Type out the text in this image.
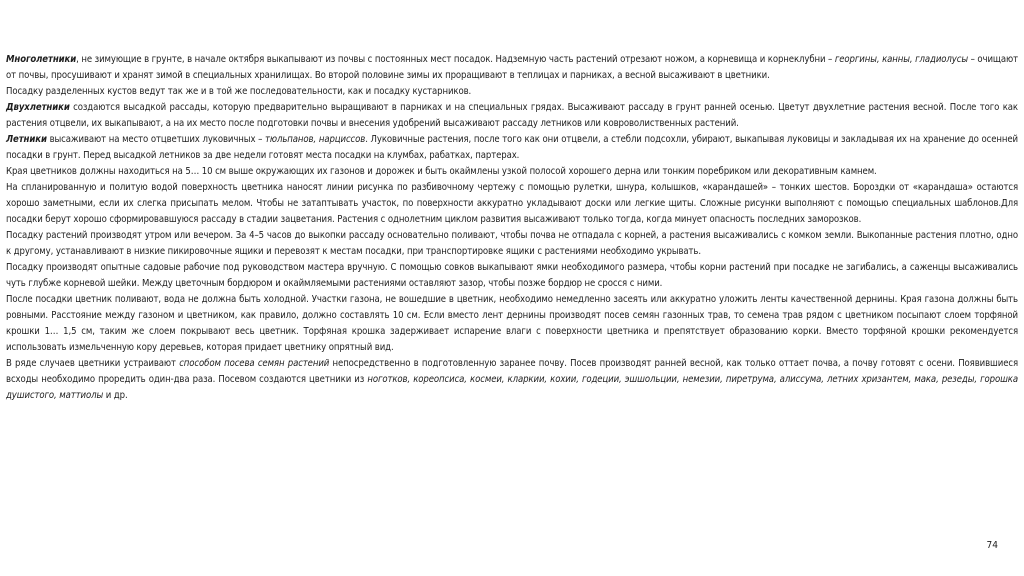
Многолетники, не зимующие в грунте, в начале октября выкапывают из почвы с постоянных мест посадок. Надземную часть растений отрезают ножом, а корневища и корнеклубни – георгины, канны, гладиолусы – очищают от почвы, просушивают и хранят зимой в специальных хранилищах. Во второй половине зимы их проращивают в теплицах и парниках, а весной высаживают в цветники.

Посадку разделенных кустов ведут так же и в той же последовательности, как и посадку кустарников.

Двухлетники создаются высадкой рассады, которую предварительно выращивают в парниках и на специальных грядах. Высаживают рассаду в грунт ранней осенью. Цветут двухлетние растения весной. После того как растения отцвели, их выкапывают, а на их место после подготовки почвы и внесения удобрений высаживают рассаду летников или ковроволиственных растений.

Летники высаживают на место отцветших луковичных – тюльпанов, нарциссов. Луковичные растения, после того как они отцвели, а стебли подсохли, убирают, выкапывая луковицы и закладывая их на хранение до осенней посадки в грунт. Перед высадкой летников за две недели готовят места посадки на клумбах, рабатках, партерах.

Края цветников должны находиться на 5… 10 см выше окружающих их газонов и дорожек и быть окаймлены узкой полосой хорошего дерна или тонким поребриком или декоративным камнем.

На спланированную и политую водой поверхность цветника наносят линии рисунка по разбивочному чертежу с помощью рулетки, шнура, колышков, «карандашей» – тонких шестов. Бороздки от «карандаша» остаются хорошо заметными, если их слегка присыпать мелом. Чтобы не затаптывать участок, по поверхности аккуратно укладывают доски или легкие щиты. Сложные рисунки выполняют с помощью специальных шаблонов.Для посадки берут хорошо сформировавшуюся рассаду в стадии зацветания. Растения с однолетним циклом развития высаживают только тогда, когда минует опасность последних заморозков.

Посадку растений производят утром или вечером. За 4–5 часов до выкопки рассаду основательно поливают, чтобы почва не отпадала с корней, а растения высаживались с комком земли. Выкопанные растения плотно, одно к другому, устанавливают в низкие пикировочные ящики и перевозят к местам посадки, при транспортировке ящики с растениями необходимо укрывать.

Посадку производят опытные садовые рабочие под руководством мастера вручную. С помощью совков выкапывают ямки необходимого размера, чтобы корни растений при посадке не загибались, а саженцы высаживались чуть глубже корневой шейки. Между цветочным бордюром и окаймляемыми растениями оставляют зазор, чтобы позже бордюр не сросся с ними.

После посадки цветник поливают, вода не должна быть холодной. Участки газона, не вошедшие в цветник, необходимо немедленно засеять или аккуратно уложить ленты качественной дернины. Края газона должны быть ровными. Расстояние между газоном и цветником, как правило, должно составлять 10 см. Если вместо лент дернины производят посев семян газонных трав, то семена трав рядом с цветником посыпают слоем торфяной крошки 1… 1,5 см, таким же слоем покрывают весь цветник. Торфяная крошка задерживает испарение влаги с поверхности цветника и препятствует образованию корки. Вместо торфяной крошки рекомендуется использовать измельченную кору деревьев, которая придает цветнику опрятный вид.

В ряде случаев цветники устраивают способом посева семян растений непосредственно в подготовленную заранее почву. Посев производят ранней весной, как только оттает почва, а почву готовят с осени. Появившиеся всходы необходимо проредить один-два раза. Посевом создаются цветники из ноготков, кореопсиса, космеи, кларкии, кохии, годеции, эшшольции, немезии, пиретрума, алиссума, летних хризантем, мака, резеды, горошка душистого, маттиолы и др.

74
